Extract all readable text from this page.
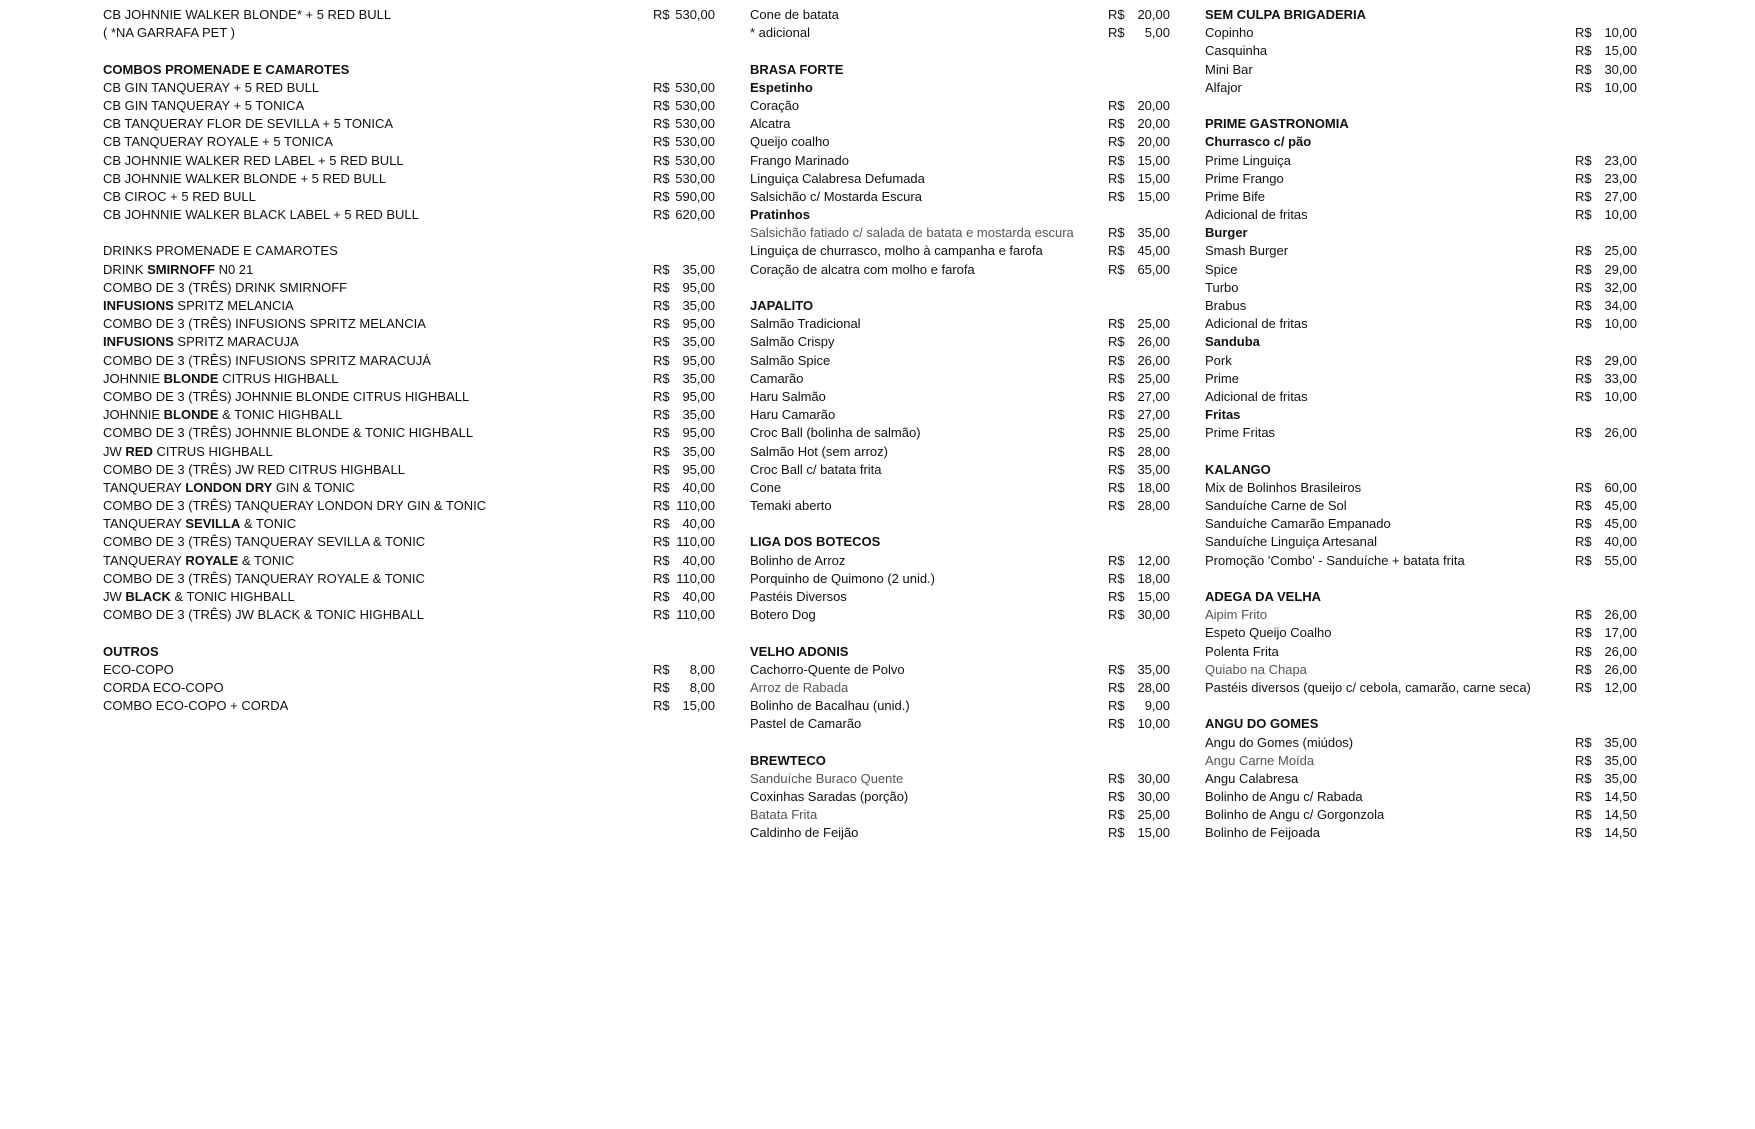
CB JOHNNIE WALKER BLONDE* + 5 RED BULL	R$ 530,00
( *NA GARRAFA PET )
COMBOS PROMENADE E CAMAROTES
CB GIN TANQUERAY + 5 RED BULL	R$ 530,00
CB GIN TANQUERAY + 5 TONICA	R$ 530,00
CB TANQUERAY FLOR DE SEVILLA + 5 TONICA	R$ 530,00
CB TANQUERAY ROYALE + 5 TONICA	R$ 530,00
CB JOHNNIE WALKER RED LABEL + 5 RED BULL	R$ 530,00
CB JOHNNIE WALKER BLONDE + 5 RED BULL	R$ 530,00
CB CIROC + 5 RED BULL	R$ 590,00
CB JOHNNIE WALKER BLACK LABEL + 5 RED BULL	R$ 620,00
DRINKS PROMENADE E CAMAROTES
DRINK SMIRNOFF N0 21	R$ 35,00
COMBO DE 3 (TRÊS) DRINK SMIRNOFF	R$ 95,00
INFUSIONS SPRITZ MELANCIA	R$ 35,00
COMBO DE 3 (TRÊS) INFUSIONS SPRITZ MELANCIA	R$ 95,00
INFUSIONS SPRITZ MARACUJA	R$ 35,00
COMBO DE 3 (TRÊS) INFUSIONS SPRITZ MARACUJÁ	R$ 95,00
JOHNNIE BLONDE CITRUS HIGHBALL	R$ 35,00
COMBO DE 3 (TRÊS) JOHNNIE BLONDE CITRUS HIGHBALL	R$ 95,00
JOHNNIE BLONDE & TONIC HIGHBALL	R$ 35,00
COMBO DE 3 (TRÊS) JOHNNIE BLONDE & TONIC HIGHBALL	R$ 95,00
JW RED CITRUS HIGHBALL	R$ 35,00
COMBO DE 3 (TRÊS) JW RED CITRUS HIGHBALL	R$ 95,00
TANQUERAY LONDON DRY GIN & TONIC	R$ 40,00
COMBO DE 3 (TRÊS) TANQUERAY LONDON DRY GIN & TONIC	R$ 110,00
TANQUERAY SEVILLA & TONIC	R$ 40,00
COMBO DE 3 (TRÊS) TANQUERAY SEVILLA & TONIC	R$ 110,00
TANQUERAY ROYALE & TONIC	R$ 40,00
COMBO DE 3 (TRÊS) TANQUERAY ROYALE & TONIC	R$ 110,00
JW BLACK & TONIC HIGHBALL	R$ 40,00
COMBO DE 3 (TRÊS) JW BLACK & TONIC HIGHBALL	R$ 110,00
OUTROS
ECO-COPO	R$ 8,00
CORDA ECO-COPO	R$ 8,00
COMBO ECO-COPO + CORDA	R$ 15,00
Cone de batata	R$ 20,00
* adicional	R$ 5,00
BRASA FORTE
Espetinho
Coração	R$ 20,00
Alcatra	R$ 20,00
Queijo coalho	R$ 20,00
Frango Marinado	R$ 15,00
Linguiça Calabresa Defumada	R$ 15,00
Salsichão c/ Mostarda Escura	R$ 15,00
Pratinhos
Salsichão fatiado c/ salada de batata e mostarda escura	R$ 35,00
Linguiça de churrasco, molho à campanha e farofa	R$ 45,00
Coração de alcatra com molho e farofa	R$ 65,00
JAPALITO
Salmão Tradicional	R$ 25,00
Salmão Crispy	R$ 26,00
Salmão Spice	R$ 26,00
Camarão	R$ 25,00
Haru Salmão	R$ 27,00
Haru Camarão	R$ 27,00
Croc Ball (bolinha de salmão)	R$ 25,00
Salmão Hot (sem arroz)	R$ 28,00
Croc Ball c/ batata frita	R$ 35,00
Cone	R$ 18,00
Temaki aberto	R$ 28,00
LIGA DOS BOTECOS
Bolinho de Arroz	R$ 12,00
Porquinho de Quimono (2 unid.)	R$ 18,00
Pastéis Diversos	R$ 15,00
Botero Dog	R$ 30,00
VELHO ADONIS
Cachorro-Quente de Polvo	R$ 35,00
Arroz de Rabada	R$ 28,00
Bolinho de Bacalhau (unid.)	R$ 9,00
Pastel de Camarão	R$ 10,00
BREWTECO
Sanduíche Buraco Quente	R$ 30,00
Coxinhas Saradas (porção)	R$ 30,00
Batata Frita	R$ 25,00
Caldinho de Feijão	R$ 15,00
SEM CULPA BRIGADERIA
Copinho	R$ 10,00
Casquinha	R$ 15,00
Mini Bar	R$ 30,00
Alfajor	R$ 10,00
PRIME GASTRONOMIA
Churrasco c/ pão
Prime Linguiça	R$ 23,00
Prime Frango	R$ 23,00
Prime Bife	R$ 27,00
Adicional de fritas	R$ 10,00
Burger
Smash Burger	R$ 25,00
Spice	R$ 29,00
Turbo	R$ 32,00
Brabus	R$ 34,00
Adicional de fritas	R$ 10,00
Sanduba
Pork	R$ 29,00
Prime	R$ 33,00
Adicional de fritas	R$ 10,00
Fritas
Prime Fritas	R$ 26,00
KALANGO
Mix de Bolinhos Brasileiros	R$ 60,00
Sanduíche Carne de Sol	R$ 45,00
Sanduíche Camarão Empanado	R$ 45,00
Sanduíche Linguiça Artesanal	R$ 40,00
Promoção 'Combo' - Sanduíche + batata frita	R$ 55,00
ADEGA DA VELHA
Aipim Frito	R$ 26,00
Espeto Queijo Coalho	R$ 17,00
Polenta Frita	R$ 26,00
Quiabo na Chapa	R$ 26,00
Pastéis diversos (queijo c/ cebola, camarão, carne seca)	R$ 12,00
ANGU DO GOMES
Angu do Gomes (miúdos)	R$ 35,00
Angu Carne Moída	R$ 35,00
Angu Calabresa	R$ 35,00
Bolinho de Angu c/ Rabada	R$ 14,50
Bolinho de Angu c/ Gorgonzola	R$ 14,50
Bolinho de Feijoada	R$ 14,50
